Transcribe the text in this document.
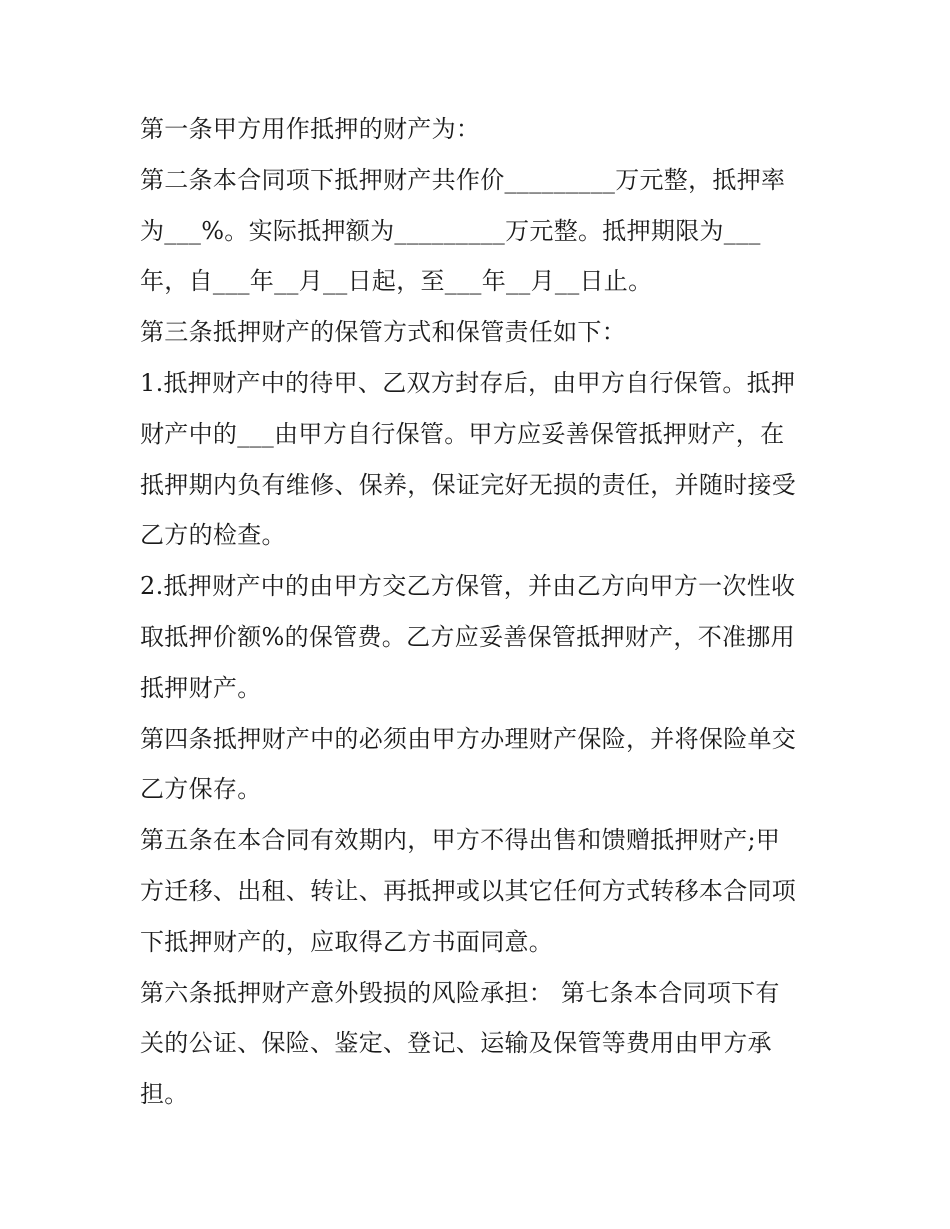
第一条甲方用作抵押的财产为：
第二条本合同项下抵押财产共作价_________万元整，抵押率
为___%。实际抵押额为_________万元整。抵押期限为___
年，自___年__月__日起，至___年__月__日止。
第三条抵押财产的保管方式和保管责任如下：
1.抵押财产中的待甲、乙双方封存后，由甲方自行保管。抵押
财产中的___由甲方自行保管。甲方应妥善保管抵押财产，在
抵押期内负有维修、保养，保证完好无损的责任，并随时接受
乙方的检查。
2.抵押财产中的由甲方交乙方保管，并由乙方向甲方一次性收
取抵押价额%的保管费。乙方应妥善保管抵押财产，不准挪用
抵押财产。
第四条抵押财产中的必须由甲方办理财产保险，并将保险单交
乙方保存。
第五条在本合同有效期内，甲方不得出售和馈赠抵押财产;甲
方迁移、出租、转让、再抵押或以其它任何方式转移本合同项
下抵押财产的，应取得乙方书面同意。
第六条抵押财产意外毁损的风险承担： 第七条本合同项下有
关的公证、保险、鉴定、登记、运输及保管等费用由甲方承
担。
